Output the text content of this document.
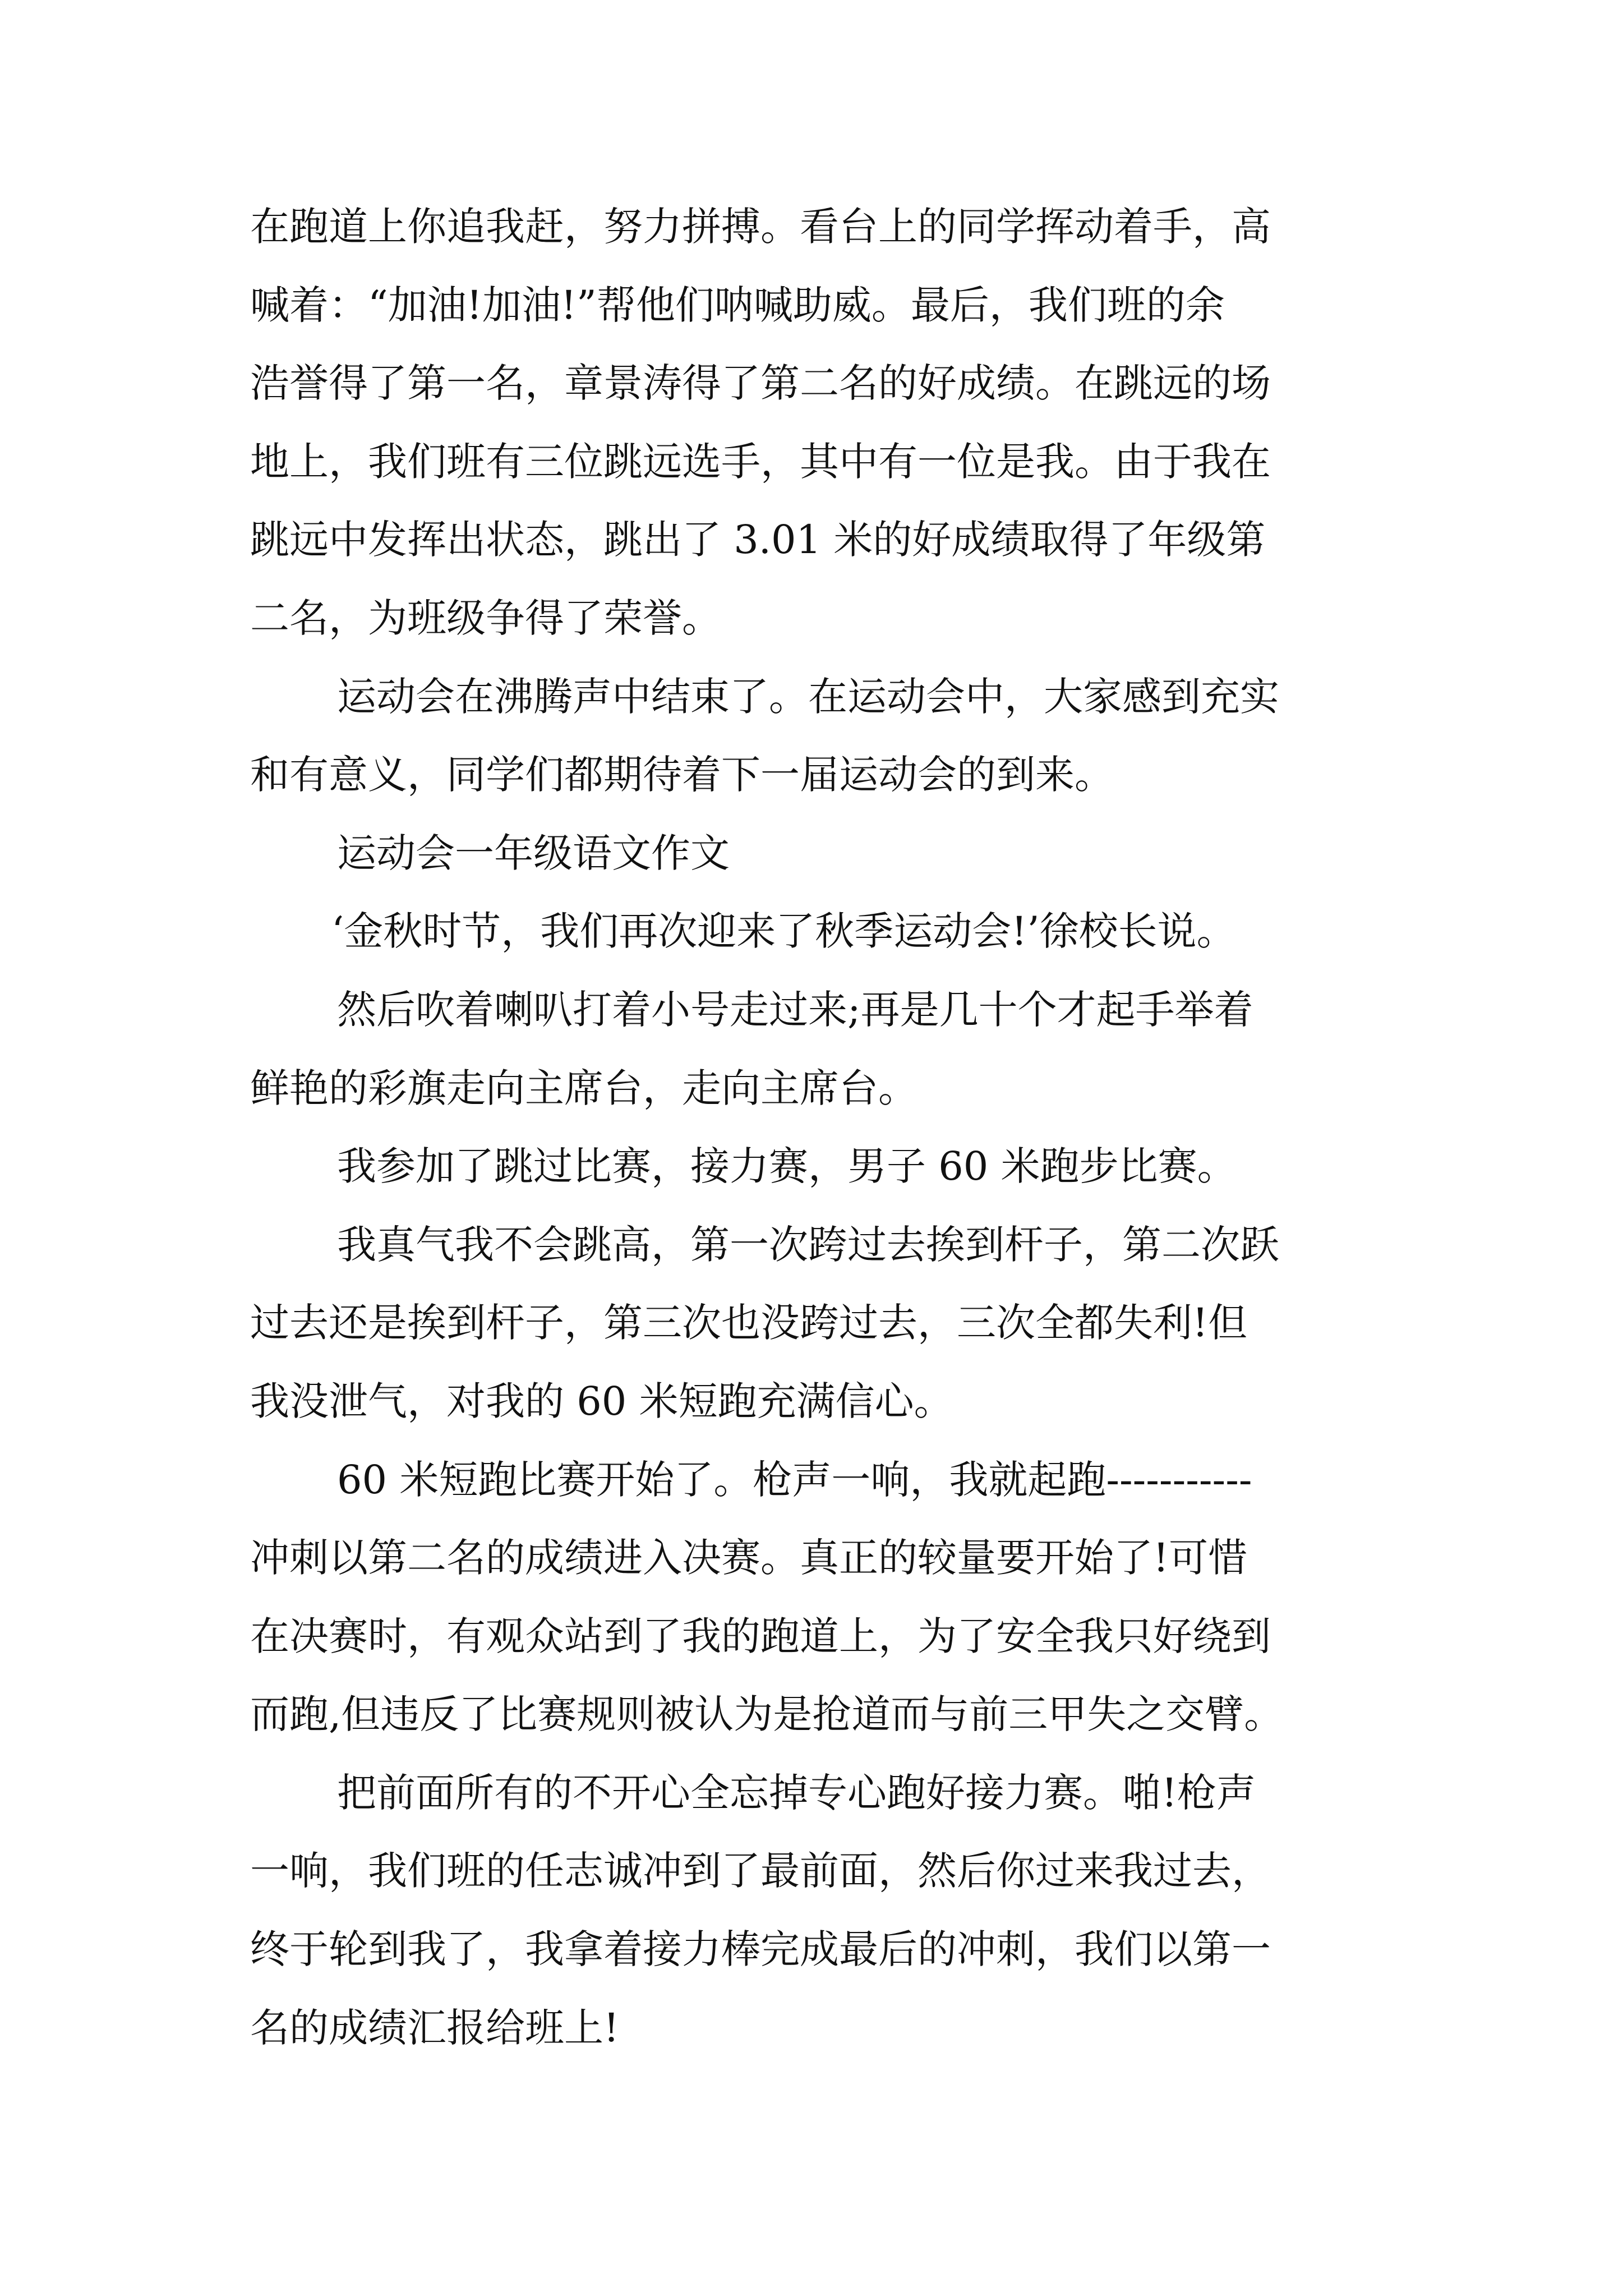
在跑道上你追我赶，努力拼搏。看台上的同学挥动着手，高
喊着：“加油!加油!”帮他们呐喊助威。最后，我们班的余
浩誉得了第一名，章景涛得了第二名的好成绩。在跳远的场
地上，我们班有三位跳远选手，其中有一位是我。由于我在
跳远中发挥出状态，跳出了 3.01 米的好成绩取得了年级第
二名，为班级争得了荣誉。
运动会在沸腾声中结束了。在运动会中，大家感到充实
和有意义，同学们都期待着下一届运动会的到来。
运动会一年级语文作文
‘金秋时节，我们再次迎来了秋季运动会!’徐校长说。
然后吹着喇叭打着小号走过来;再是几十个才起手举着
鲜艳的彩旗走向主席台，走向主席台。
我参加了跳过比赛，接力赛，男子 60 米跑步比赛。
我真气我不会跳高，第一次跨过去挨到杆子，第二次跃
过去还是挨到杆子，第三次也没跨过去，三次全都失利!但
我没泄气，对我的 60 米短跑充满信心。
60 米短跑比赛开始了。枪声一响，我就起跑-----------
冲刺以第二名的成绩进入决赛。真正的较量要开始了!可惜
在决赛时，有观众站到了我的跑道上，为了安全我只好绕到
而跑,但违反了比赛规则被认为是抢道而与前三甲失之交臂。
把前面所有的不开心全忘掉专心跑好接力赛。啪!枪声
一响，我们班的任志诚冲到了最前面，然后你过来我过去，
终于轮到我了，我拿着接力棒完成最后的冲刺，我们以第一
名的成绩汇报给班上!
